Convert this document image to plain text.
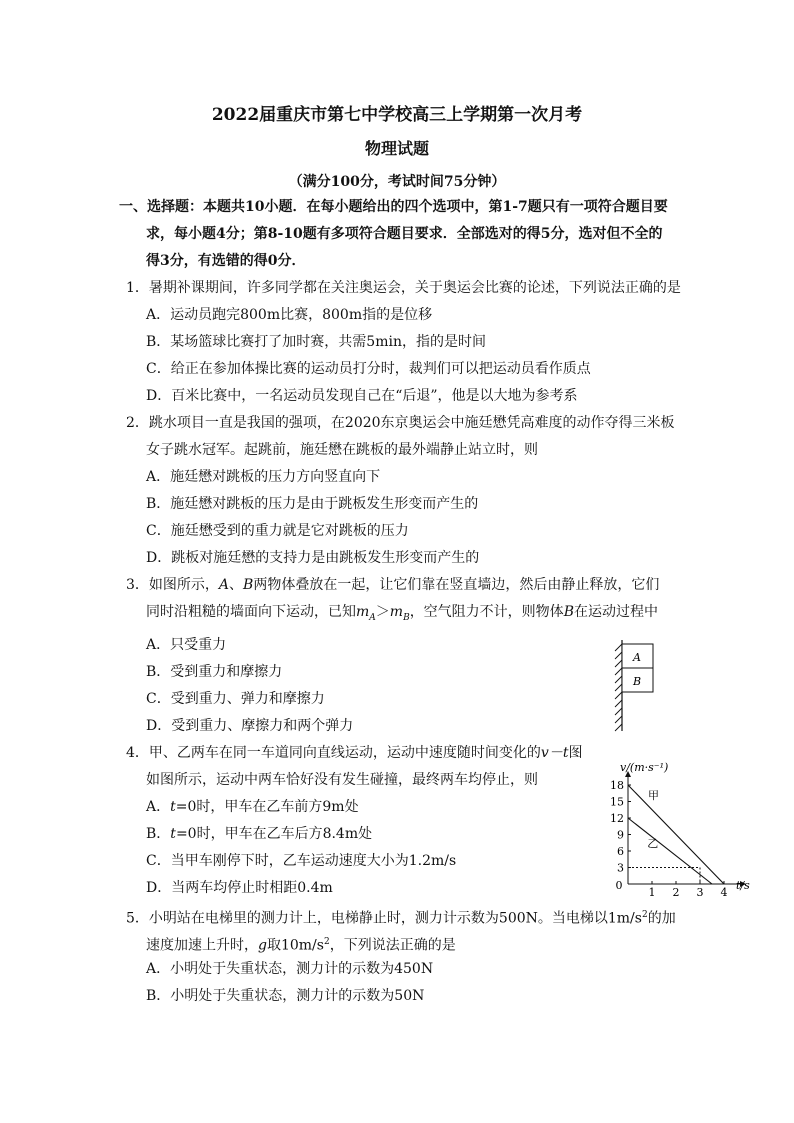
2022届重庆市第七中学校高三上学期第一次月考
物理试题
（满分100分，考试时间75分钟）
一、选择题：本题共10小题．在每小题给出的四个选项中，第1-7题只有一项符合题目要
求，每小题4分；第8-10题有多项符合题目要求．全部选对的得5分，选对但不全的
得3分，有选错的得0分．
1．暑期补课期间，许多同学都在关注奥运会，关于奥运会比赛的论述，下列说法正确的是
A．运动员跑完800m比赛，800m指的是位移
B．某场篮球比赛打了加时赛，共需5min，指的是时间
C．给正在参加体操比赛的运动员打分时，裁判们可以把运动员看作质点
D．百米比赛中，一名运动员发现自己在“后退”，他是以大地为参考系
2．跳水项目一直是我国的强项，在2020东京奥运会中施廷懋凭高难度的动作夺得三米板
女子跳水冠军。起跳前，施廷懋在跳板的最外端静止站立时，则
A．施廷懋对跳板的压力方向竖直向下
B．施廷懋对跳板的压力是由于跳板发生形变而产生的
C．施廷懋受到的重力就是它对跳板的压力
D．跳板对施廷懋的支持力是由跳板发生形变而产生的
3．如图所示，A、B两物体叠放在一起，让它们靠在竖直墙边，然后由静止释放，它们
同时沿粗糙的墙面向下运动，已知$m_A>m_B$，空气阻力不计，则物体B在运动过程中
A．只受重力
B．受到重力和摩擦力
C．受到重力、弹力和摩擦力
D．受到重力、摩擦力和两个弹力
A
B
4．甲、乙两车在同一车道同向直线运动，运动中速度随时间变化的v－t图
如图所示，运动中两车恰好没有发生碰撞，最终两车均停止，则
A．t=0时，甲车在乙车前方9m处
B．t=0时，甲车在乙车后方8.4m处
C．当甲车刚停下时，乙车运动速度大小为1.2m/s
D．当两车均停止时相距0.4m
v/(m·s⁻¹)
t/s
0
3
6
9
12
15
18
1 2 3 4
甲
乙
5．小明站在电梯里的测力计上，电梯静止时，测力计示数为500N。当电梯以$1m/s^2$的加
速度加速上升时，g取$10m/s^2$，下列说法正确的是
A．小明处于失重状态，测力计的示数为450N
B．小明处于失重状态，测力计的示数为50N
